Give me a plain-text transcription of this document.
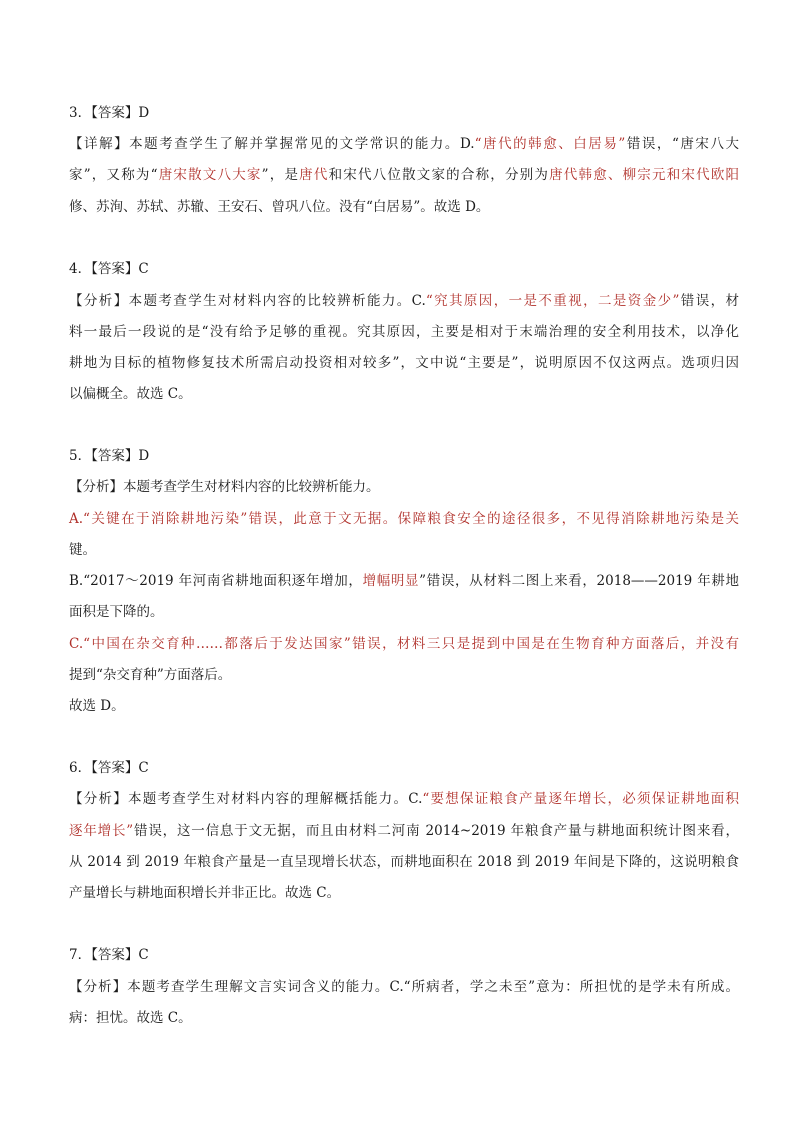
3．【答案】D
【详解】本题考查学生了解并掌握常见的文学常识的能力。D.“唐代的韩愈、白居易”错误，“唐宋八大
家”，又称为“唐宋散文八大家”，是唐代和宋代八位散文家的合称，分别为唐代韩愈、柳宗元和宋代欧阳
修、苏洵、苏轼、苏辙、王安石、曾巩八位。没有“白居易”。故选 D。
4．【答案】C
【分析】本题考查学生对材料内容的比较辨析能力。C.“究其原因，一是不重视，二是资金少”错误，材
料一最后一段说的是“没有给予足够的重视。究其原因，主要是相对于末端治理的安全利用技术，以净化
耕地为目标的植物修复技术所需启动投资相对较多”，文中说“主要是”，说明原因不仅这两点。选项归因
以偏概全。故选 C。
5．【答案】D
【分析】本题考查学生对材料内容的比较辨析能力。
A.“关键在于消除耕地污染”错误，此意于文无据。保障粮食安全的途径很多，不见得消除耕地污染是关
键。
B.“2017～2019 年河南省耕地面积逐年增加，增幅明显”错误，从材料二图上来看，2018——2019 年耕地
面积是下降的。
C.“中国在杂交育种……都落后于发达国家”错误，材料三只是提到中国是在生物育种方面落后，并没有
提到“杂交育种”方面落后。
故选 D。
6．【答案】C
【分析】本题考查学生对材料内容的理解概括能力。C.“要想保证粮食产量逐年增长，必须保证耕地面积
逐年增长”错误，这一信息于文无据，而且由材料二河南 2014~2019 年粮食产量与耕地面积统计图来看，
从 2014 到 2019 年粮食产量是一直呈现增长状态，而耕地面积在 2018 到 2019 年间是下降的，这说明粮食
产量增长与耕地面积增长并非正比。故选 C。
7．【答案】C
【分析】本题考查学生理解文言实词含义的能力。C.“所病者，学之未至”意为：所担忧的是学未有所成。
病：担忧。故选 C。
